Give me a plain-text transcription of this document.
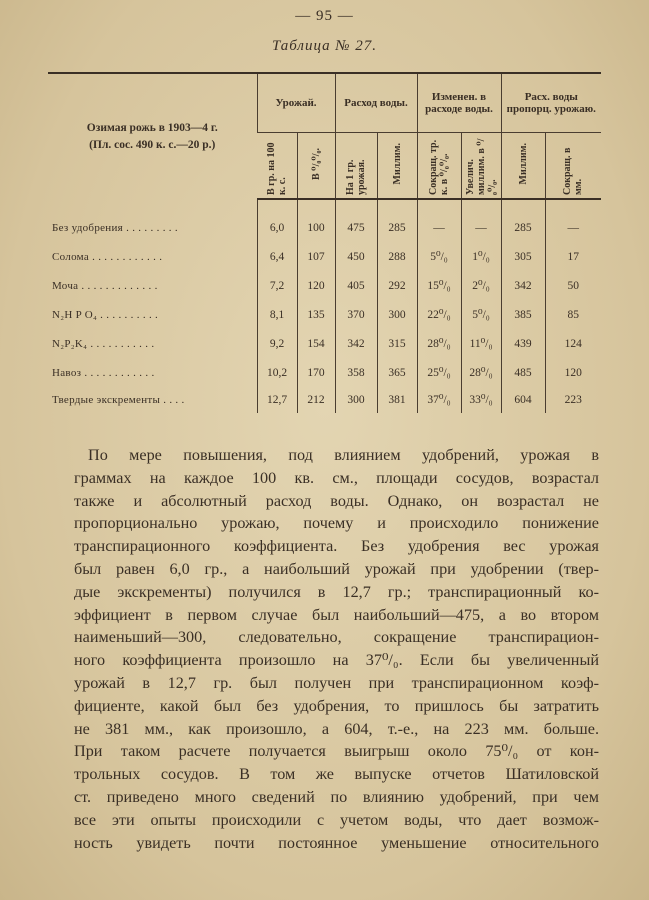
— 95 —
Таблица № 27.
Озимая рожь в 1903—4 г.
(Пл. сос. 490 к. с.—20 р.)	Урожай.		Расход воды.		Изменен. в расходе воды.		Расх. воды пропорц. урожаю.	
	В гр. на 100 к. с.	В ⁰/₀⁰/₀.	На 1 гр. урожая.	Миллим.	Сокращ. тр. к. в ⁰/₀⁰/₀.	Увелич. миллим. в ⁰/₀⁰/₀.	Миллим.	Сокращ. в мм.
Без удобрения . . . . . . . . .	6,0	100	475	285	—	—	285	—
Солома . . . . . . . . . . . .	6,4	107	450	288	5⁰/₀	1⁰/₀	305	17
Моча . . . . . . . . . . . . .	7,2	120	405	292	15⁰/₀	2⁰/₀	342	50
N₂H P O₄ . . . . . . . . . .	8,1	135	370	300	22⁰/₀	5⁰/₀	385	85
N₂P₂K₄ . . . . . . . . . . .	9,2	154	342	315	28⁰/₀	11⁰/₀	439	124
Навоз . . . . . . . . . . . .	10,2	170	358	365	25⁰/₀	28⁰/₀	485	120
Твердые экскременты . . . .	12,7	212	300	381	37⁰/₀	33⁰/₀	604	223
По мере повышения, под влиянием удобрений, урожая в
граммах на каждое 100 кв. см., площади сосудов, возрастал
также и абсолютный расход воды. Однако, он возрастал не
пропорционально урожаю, почему и происходило понижение
транспирационного коэффициента. Без удобрения вес урожая
был равен 6,0 гр., а наибольший урожай при удобрении (твер-
дые экскременты) получился в 12,7 гр.; транспирационный ко-
эффициент в первом случае был наибольший—475, а во втором
наименьший—300, следовательно, сокращение транспирацион-
ного коэффициента произошло на 37⁰/₀. Если бы увеличенный
урожай в 12,7 гр. был получен при транспирационном коэф-
фициенте, какой был без удобрения, то пришлось бы затратить
не 381 мм., как произошло, а 604, т.-е., на 223 мм. больше.
При таком расчете получается выигрыш около 75⁰/₀ от кон-
трольных сосудов. В том же выпуске отчетов Шатиловской
ст. приведено много сведений по влиянию удобрений, при чем
все эти опыты происходили с учетом воды, что дает возмож-
ность увидеть почти постоянное уменьшение относительного
